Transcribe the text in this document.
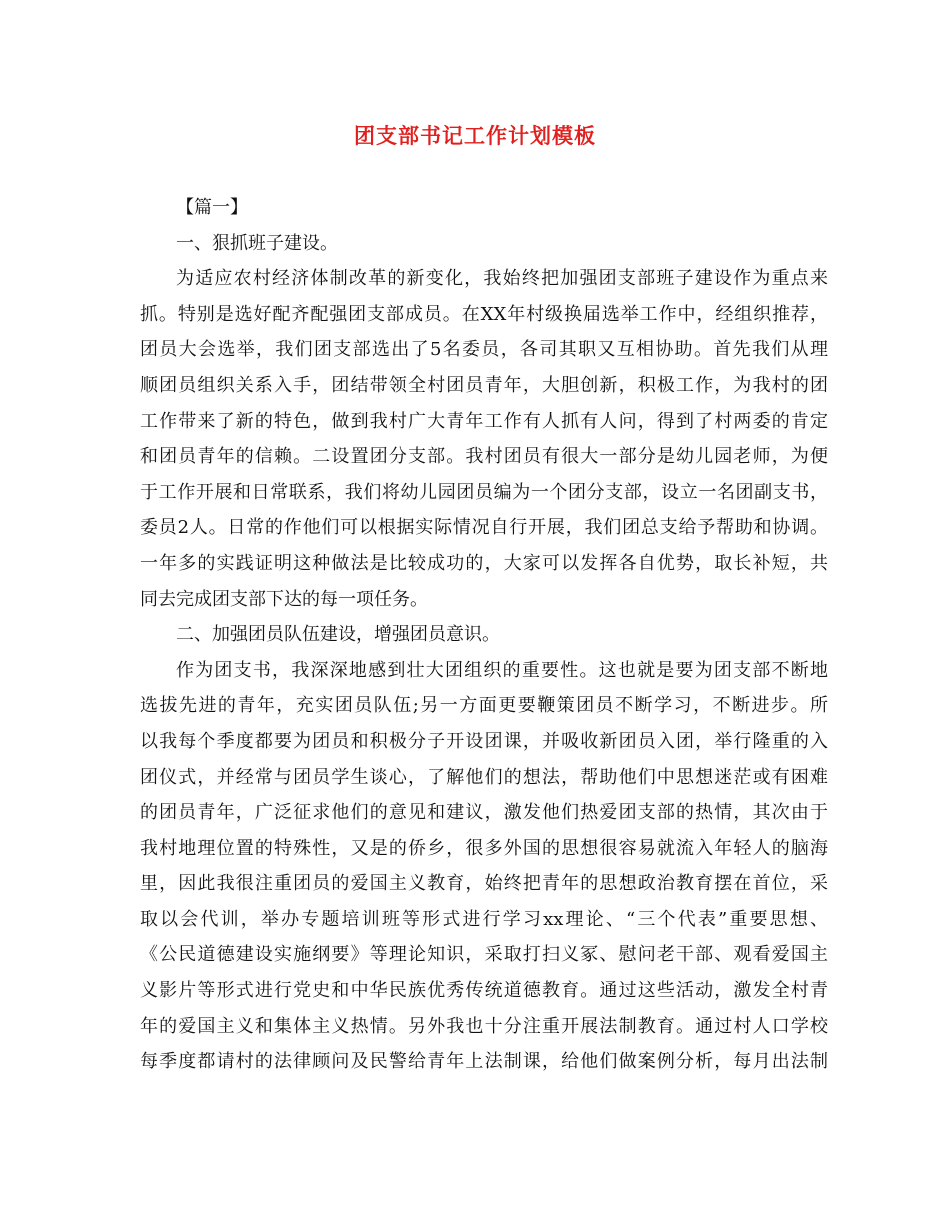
团支部书记工作计划模板
【篇一】
一、狠抓班子建设。
为适应农村经济体制改革的新变化，我始终把加强团支部班子建设作为重点来
抓。特别是选好配齐配强团支部成员。在XX年村级换届选举工作中，经组织推荐，
团员大会选举，我们团支部选出了5名委员，各司其职又互相协助。首先我们从理
顺团员组织关系入手，团结带领全村团员青年，大胆创新，积极工作，为我村的团
工作带来了新的特色，做到我村广大青年工作有人抓有人问，得到了村两委的肯定
和团员青年的信赖。二设置团分支部。我村团员有很大一部分是幼儿园老师，为便
于工作开展和日常联系，我们将幼儿园团员编为一个团分支部，设立一名团副支书，
委员2人。日常的作他们可以根据实际情况自行开展，我们团总支给予帮助和协调。
一年多的实践证明这种做法是比较成功的，大家可以发挥各自优势，取长补短，共
同去完成团支部下达的每一项任务。
二、加强团员队伍建设，增强团员意识。
作为团支书，我深深地感到壮大团组织的重要性。这也就是要为团支部不断地
选拔先进的青年，充实团员队伍;另一方面更要鞭策团员不断学习，不断进步。所
以我每个季度都要为团员和积极分子开设团课，并吸收新团员入团，举行隆重的入
团仪式，并经常与团员学生谈心，了解他们的想法，帮助他们中思想迷茫或有困难
的团员青年，广泛征求他们的意见和建议，激发他们热爱团支部的热情，其次由于
我村地理位置的特殊性，又是的侨乡，很多外国的思想很容易就流入年轻人的脑海
里，因此我很注重团员的爱国主义教育，始终把青年的思想政治教育摆在首位，采
取以会代训，举办专题培训班等形式进行学习xx理论、“三个代表”重要思想、
《公民道德建设实施纲要》等理论知识，采取打扫义冢、慰问老干部、观看爱国主
义影片等形式进行党史和中华民族优秀传统道德教育。通过这些活动，激发全村青
年的爱国主义和集体主义热情。另外我也十分注重开展法制教育。通过村人口学校
每季度都请村的法律顾问及民警给青年上法制课，给他们做案例分析，每月出法制
